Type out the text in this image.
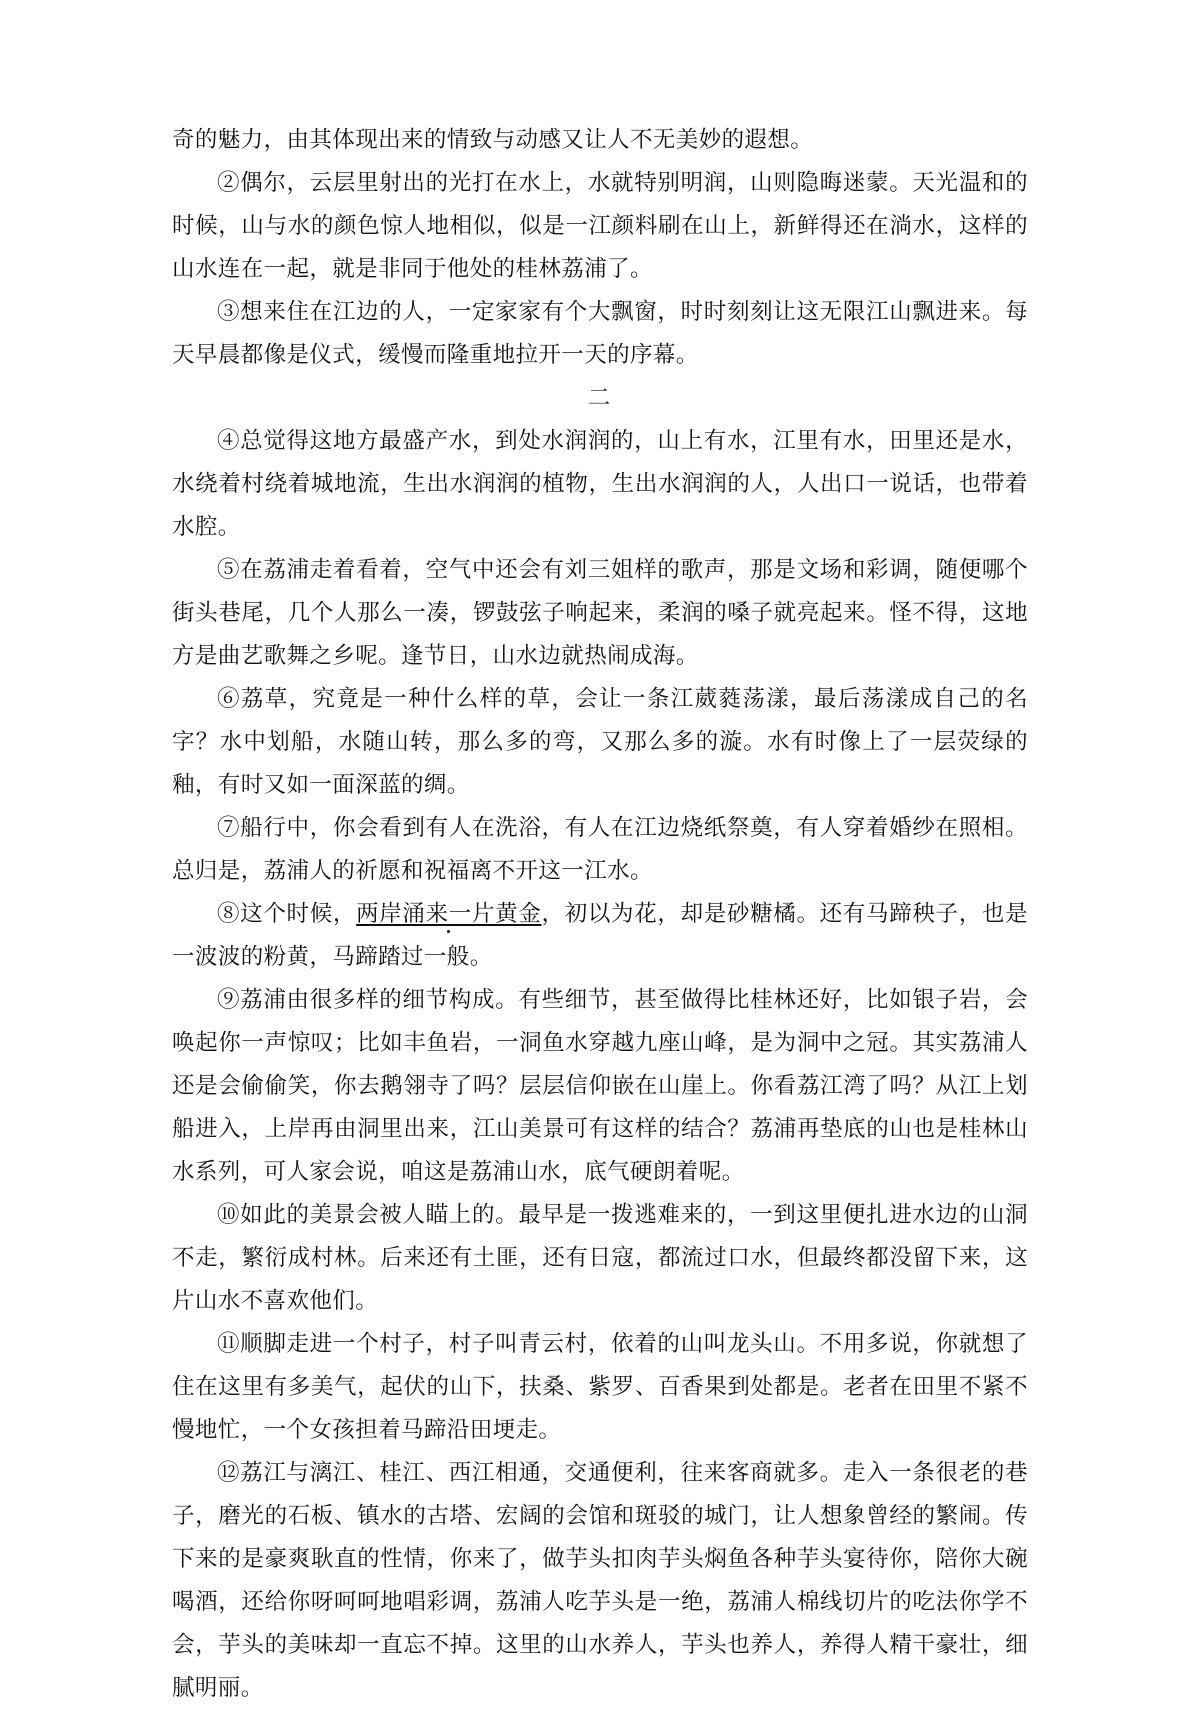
奇的魅力，由其体现出来的情致与动感又让人不无美妙的遐想。

②偶尔，云层里射出的光打在水上，水就特别明润，山则隐晦迷蒙。天光温和的时候，山与水的颜色惊人地相似，似是一江颜料刷在山上，新鲜得还在淌水，这样的山水连在一起，就是非同于他处的桂林荔浦了。

③想来住在江边的人，一定家家有个大飘窗，时时刻刻让这无限江山飘进来。每天早晨都像是仪式，缓慢而隆重地拉开一天的序幕。

二

④总觉得这地方最盛产水，到处水润润的，山上有水，江里有水，田里还是水，水绕着村绕着城地流，生出水润润的植物，生出水润润的人，人出口一说话，也带着水腔。

⑤在荔浦走着看着，空气中还会有刘三姐样的歌声，那是文场和彩调，随便哪个街头巷尾，几个人那么一凑，锣鼓弦子响起来，柔润的嗓子就亮起来。怪不得，这地方是曲艺歌舞之乡呢。逢节日，山水边就热闹成海。

⑥荔草，究竟是一种什么样的草，会让一条江葳蕤荡漾，最后荡漾成自己的名字？水中划船，水随山转，那么多的弯，又那么多的漩。水有时像上了一层荧绿的釉，有时又如一面深蓝的绸。

⑦船行中，你会看到有人在洗浴，有人在江边烧纸祭奠，有人穿着婚纱在照相。总归是，荔浦人的祈愿和祝福离不开这一江水。

⑧这个时候，两岸涌来一片黄金，初以为花，却是砂糖橘。还有马蹄秧子，也是一波波的粉黄，马蹄踏过一般。

⑨荔浦由很多样的细节构成。有些细节，甚至做得比桂林还好，比如银子岩，会唤起你一声惊叹；比如丰鱼岩，一洞鱼水穿越九座山峰，是为洞中之冠。其实荔浦人还是会偷偷笑，你去鹅翎寺了吗？层层信仰嵌在山崖上。你看荔江湾了吗？从江上划船进入，上岸再由洞里出来，江山美景可有这样的结合？荔浦再垫底的山也是桂林山水系列，可人家会说，咱这是荔浦山水，底气硬朗着呢。

⑩如此的美景会被人瞄上的。最早是一拨逃难来的，一到这里便扎进水边的山洞不走，繁衍成村林。后来还有土匪，还有日寇，都流过口水，但最终都没留下来，这片山水不喜欢他们。

⑪顺脚走进一个村子，村子叫青云村，依着的山叫龙头山。不用多说，你就想了住在这里有多美气，起伏的山下，扶桑、紫罗、百香果到处都是。老者在田里不紧不慢地忙，一个女孩担着马蹄沿田埂走。

⑫荔江与漓江、桂江、西江相通，交通便利，往来客商就多。走入一条很老的巷子，磨光的石板、镇水的古塔、宏阔的会馆和斑驳的城门，让人想象曾经的繁闹。传下来的是豪爽耿直的性情，你来了，做芋头扣肉芋头焖鱼各种芋头宴待你，陪你大碗喝酒，还给你呀呵呵地唱彩调，荔浦人吃芋头是一绝，荔浦人棉线切片的吃法你学不会，芋头的美味却一直忘不掉。这里的山水养人，芋头也养人，养得人精干豪壮，细腻明丽。
